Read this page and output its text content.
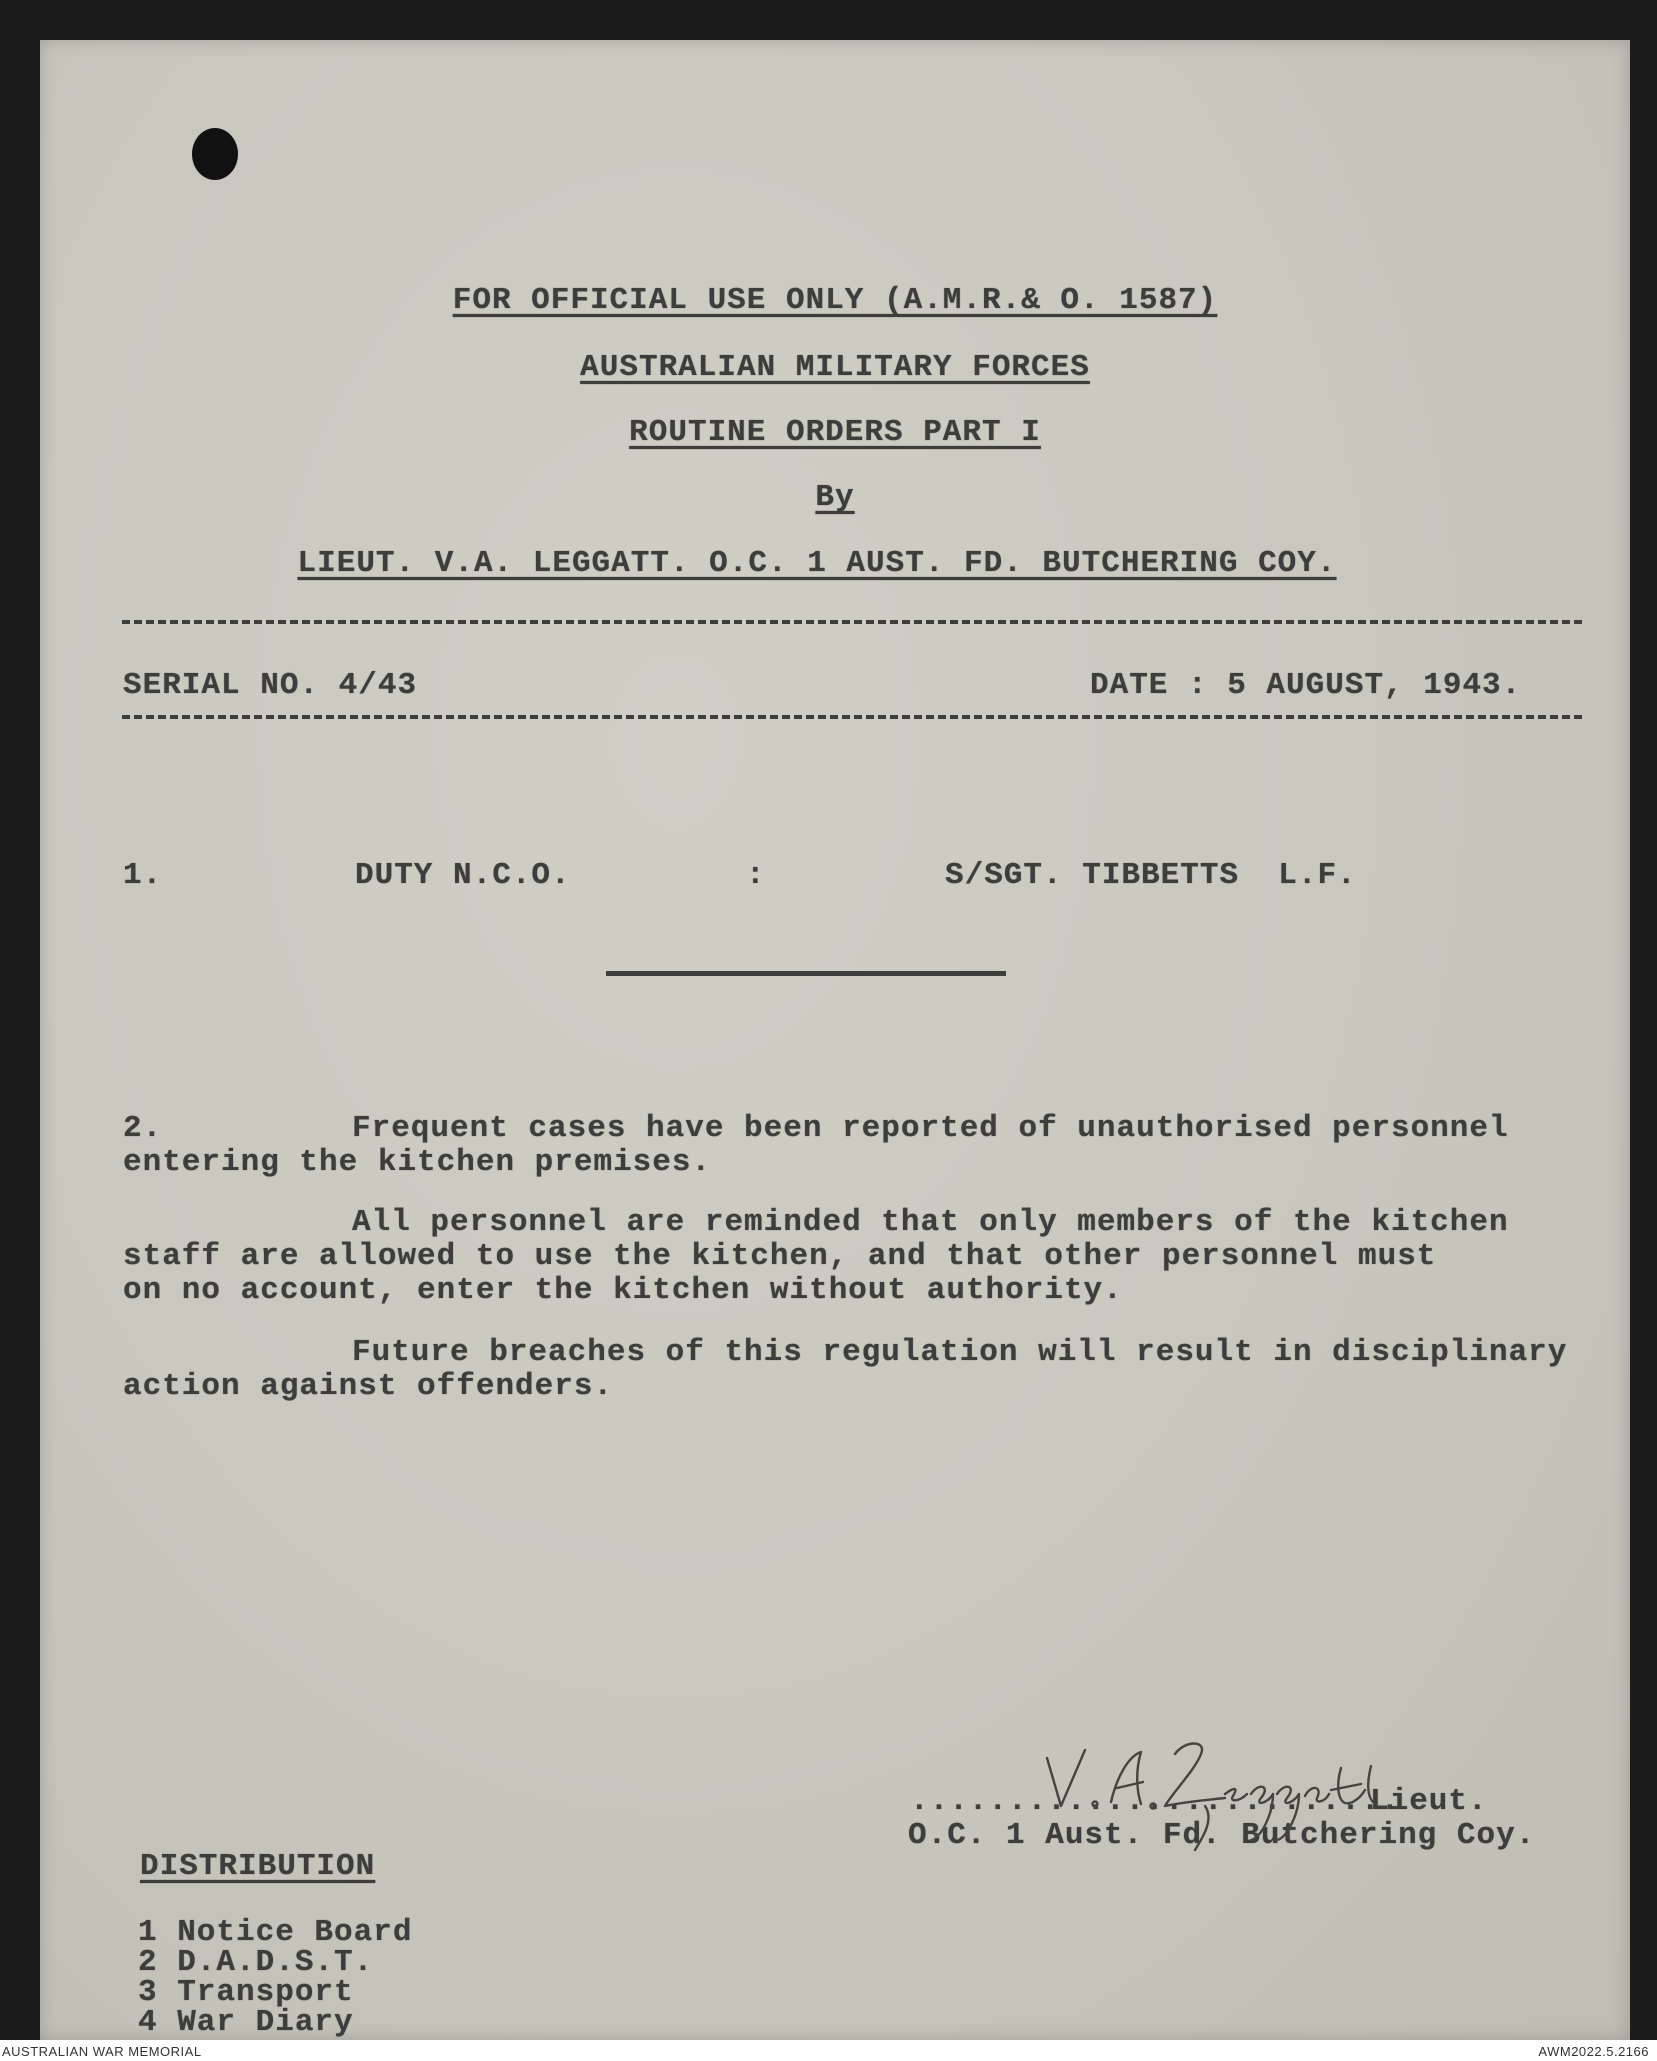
FOR OFFICIAL USE ONLY (A.M.R.& O. 1587)
AUSTRALIAN MILITARY FORCES
ROUTINE ORDERS PART I
By
LIEUT. V.A. LEGGATT. O.C. 1 AUST. FD. BUTCHERING COY.
SERIAL NO. 4/43	DATE : 5 AUGUST, 1943.
1.	DUTY N.C.O.	:	S/SGT. TIBBETTS  L.F.
2.	Frequent cases have been reported of unauthorised personnel
entering the kitchen premises.
All personnel are reminded that only members of the kitchen
staff are allowed to use the kitchen, and that other personnel must
on no account, enter the kitchen without authority.
Future breaches of this regulation will result in disciplinary
action against offenders.
.........................
Lieut.
O.C. 1 Aust. Fd. Butchering Coy.
DISTRIBUTION
1 Notice Board
2 D.A.D.S.T.
3 Transport
4 War Diary
AUSTRALIAN WAR MEMORIAL	AWM2022.5.2166
